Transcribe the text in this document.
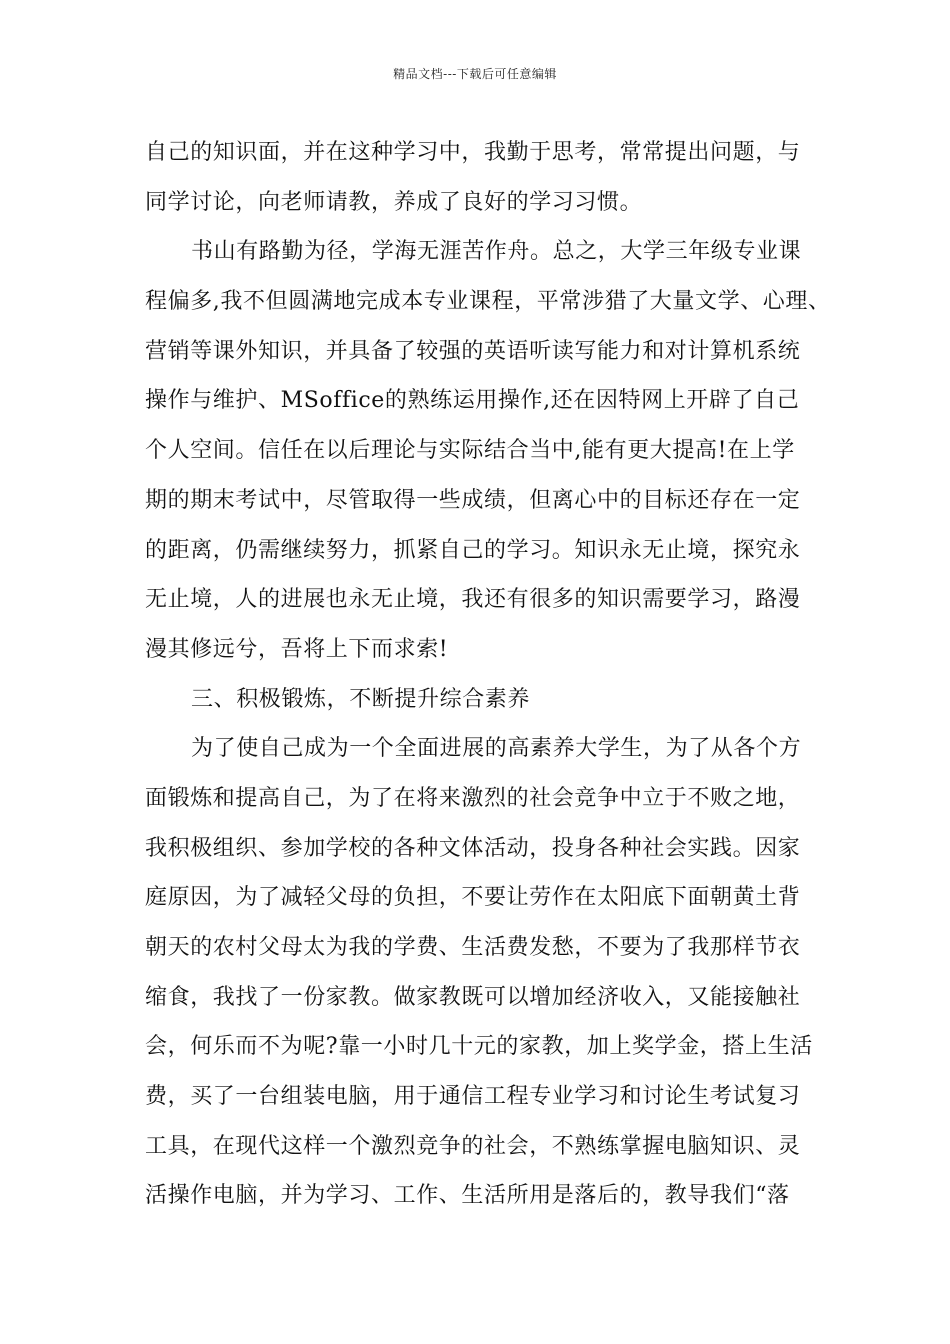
精品文档---下载后可任意编辑
自己的知识面，并在这种学习中，我勤于思考，常常提出问题，与
同学讨论，向老师请教，养成了良好的学习习惯。
书山有路勤为径，学海无涯苦作舟。总之，大学三年级专业课
程偏多,我不但圆满地完成本专业课程，平常涉猎了大量文学、心理、
营销等课外知识，并具备了较强的英语听读写能力和对计算机系统
操作与维护、MSoffice的熟练运用操作,还在因特网上开辟了自己
个人空间。信任在以后理论与实际结合当中,能有更大提高!在上学
期的期末考试中，尽管取得一些成绩，但离心中的目标还存在一定
的距离，仍需继续努力，抓紧自己的学习。知识永无止境，探究永
无止境，人的进展也永无止境，我还有很多的知识需要学习，路漫
漫其修远兮，吾将上下而求索!
三、积极锻炼，不断提升综合素养
为了使自己成为一个全面进展的高素养大学生，为了从各个方
面锻炼和提高自己，为了在将来激烈的社会竞争中立于不败之地，
我积极组织、参加学校的各种文体活动，投身各种社会实践。因家
庭原因，为了减轻父母的负担，不要让劳作在太阳底下面朝黄土背
朝天的农村父母太为我的学费、生活费发愁，不要为了我那样节衣
缩食，我找了一份家教。做家教既可以增加经济收入，又能接触社
会，何乐而不为呢?靠一小时几十元的家教，加上奖学金，搭上生活
费，买了一台组装电脑，用于通信工程专业学习和讨论生考试复习
工具，在现代这样一个激烈竞争的社会，不熟练掌握电脑知识、灵
活操作电脑，并为学习、工作、生活所用是落后的，教导我们“落
